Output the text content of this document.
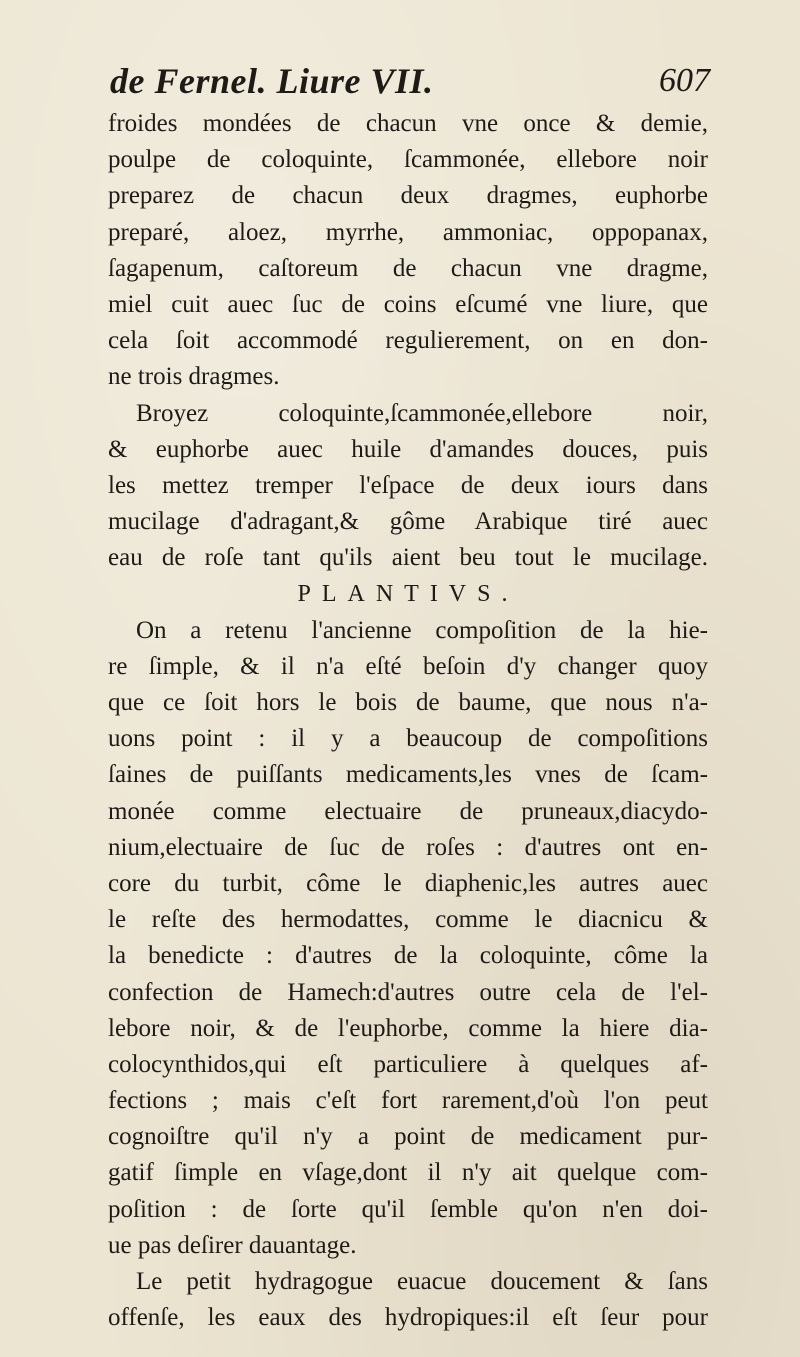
de Fernel. Liure VII.	607
froides mondées de chacun vne once & demie,
poulpe de coloquinte, ſcammonée, ellebore noir
preparez de chacun deux dragmes, euphorbe
preparé, aloez, myrrhe, ammoniac, oppopanax,
ſagapenum, caſtoreum de chacun vne dragme,
miel cuit auec ſuc de coins eſcumé vne liure, que
cela ſoit accommodé regulierement, on en don-
ne trois dragmes.
Broyez coloquinte,ſcammonée,ellebore noir,
& euphorbe auec huile d'amandes douces, puis
les mettez tremper l'eſpace de deux iours dans
mucilage d'adragant,& gôme Arabique tiré auec
eau de roſe tant qu'ils aient beu tout le mucilage.
PLANTIVS.
On a retenu l'ancienne compoſition de la hie-
re ſimple, & il n'a eſté beſoin d'y changer quoy
que ce ſoit hors le bois de baume, que nous n'a-
uons point : il y a beaucoup de compoſitions
ſaines de puiſſants medicaments,les vnes de ſcam-
monée comme electuaire de pruneaux,diacydo-
nium,electuaire de ſuc de roſes : d'autres ont en-
core du turbit, côme le diaphenic,les autres auec
le reſte des hermodattes, comme le diacnicu &
la benedicte : d'autres de la coloquinte, côme la
confection de Hamech:d'autres outre cela de l'el-
lebore noir, & de l'euphorbe, comme la hiere dia-
colocynthidos,qui eſt particuliere à quelques af-
fections ; mais c'eſt fort rarement,d'où l'on peut
cognoiſtre qu'il n'y a point de medicament pur-
gatif ſimple en vſage,dont il n'y ait quelque com-
poſition : de ſorte qu'il ſemble qu'on n'en doi-
ue pas deſirer dauantage.
Le petit hydragogue euacue doucement & ſans
offenſe, les eaux des hydropiques:il eſt ſeur pour
